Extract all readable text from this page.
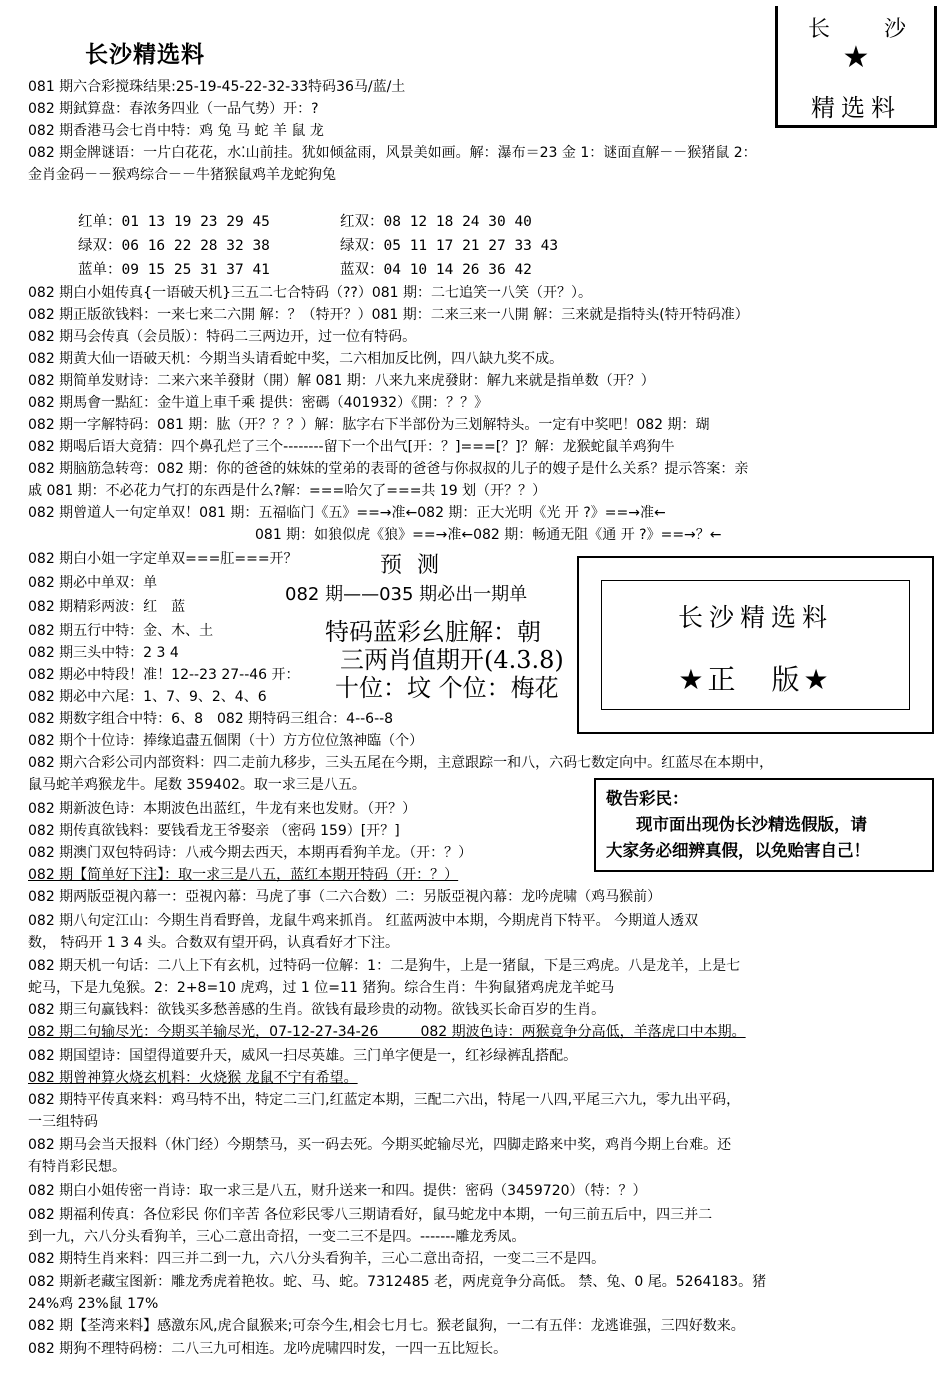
长沙精选料
长 沙
★
精选料
081 期六合彩搅珠结果:25-19-45-22-32-33特码36马/蓝/土
082 期鉽算盘：春浓务四业（一品气势）开：?
082 期香港马会七肖中特：鸡 兔 马 蛇 羊 鼠 龙
082 期金牌谜语：一片白花花，水⁚山前挂。犹如倾盆雨，风景美如画。解：瀑布＝23 金 1：谜面直解－－猴猪鼠 2：
金肖金码－－猴鸡综合－－牛猪猴鼠鸡羊龙蛇狗兔
红单：01 13 19 23 29 45	红双：08 12 18 24 30 40
绿双：06 16 22 28 32 38	绿双：05 11 17 21 27 33 43
蓝单：09 15 25 31 37 41	蓝双：04 10 14 26 36 42
082 期白小姐传真{一语破天机}三五二七合特码（??）081 期：二七追笑一八笑（开？）。
082 期正版欲钱料：一来七来二六開 解：？（特开？）081 期：二来三来一八開 解：三来就是指特头(特开特码准）
082 期马会传真（会员版）：特码二三两边开，过一位有特码。
082 期黄大仙一语破天机：今期当头请看蛇中奖，二六相加反比例，四八缺九奖不成。
082 期简单发财诗：二来六来羊發財（開）解 081 期：八来九来虎發財：解九来就是指单数（开？）
082 期馬會一點紅：金牛道上車千乘 提供：密碼（401932）《開：？？》
082 期一字解特码：081 期：肱（开？？？）解：肱字右下半部份为三划解特头。一定有中奖吧！082 期：瑚
082 期喝后语大竟猜：四个鼻孔烂了三个--------留下一个出气[开：？]===[？]？解：龙猴蛇鼠羊鸡狗牛
082 期脑筋急转弯：082 期：你的爸爸的妹妹的堂弟的表哥的爸爸与你叔叔的儿子的嫂子是什么关系？提示答案：亲
戚 081 期：不必花力气打的东西是什么?解：===哈欠了===共 19 划（开？？）
082 期曾道人一句定单双！081 期：五福临门《五》==→准←082 期：正大光明《光 开 ?》==→准←
081 期：如狼似虎《狼》==→准←082 期：畅通无阻《通 开 ?》==→？←
082 期白小姐一字定单双===肛===开？
082 期必中单双：单
082 期精彩两波：红　蓝
082 期五行中特：金、木、土
082 期三头中特：2 3 4
082 期必中特段！准！12--23 27--46 开：
082 期必中六尾：1、7、9、2、4、6
082 期数字组合中特：6、8　082 期特码三组合：4--6--8
082 期个十位诗：捧缘追盡五個閑（十）方方位位煞神臨（个）
预 测
082 期——035 期必出一期单
特码蓝彩幺脏解：朝
三两肖值期开(4.3.8)
十位：坟 个位：梅花
长沙精选料
★正　版★
082 期六合彩公司内部资料：四二走前九移步，三头五尾在今期，主意跟踪一和八，六码七数定向中。红蓝尽在本期中，
鼠马蛇羊鸡猴龙牛。尾数 359402。取一求三是八五。
082 期新波色诗：本期波色出蓝红，牛龙有来也发财。（开？）
082 期传真欲钱料：要钱看龙王爷娶亲 （密码 159）[开？]
082 期澳门双包特码诗：八戒今期去西天，本期再看狗羊龙。（开：？）
082 期【简单好下注】：取一求三是八五，蓝红本期开特码（开：？）
敬告彩民：
现市面出现伪长沙精选假版，请
大家务必细辨真假，以免贻害自己！
082 期两版亞視內幕一：亞視內幕：马虎了事（二六合数）二：另版亞視內幕：龙吟虎啸（鸡马猴前）
082 期八句定江山：今期生肖看野兽，龙鼠牛鸡来抓肖。 红蓝两波中本期，今期虎肖下特平。 今期道人透双
数， 特码开 1 3 4 头。合数双有望开码，认真看好才下注。
082 期天机一句话：二八上下有玄机，过特码一位解：1：二是狗牛，上是一猪鼠，下是三鸡虎。八是龙羊，上是七
蛇马，下是九兔猴。2：2+8=10 虎鸡，过 1 位=11 猪狗。综合生肖：牛狗鼠猪鸡虎龙羊蛇马
082 期三句赢钱料：欲钱买多愁善感的生肖。欲钱有最珍贵的动物。欲钱买长命百岁的生肖。
082 期二句输尽光：今期买羊输尽光，07-12-27-34-26　　　082 期波色诗：两猴竟争分高低，羊落虎口中本期。
082 期国望诗：国望得道要升天，威风一扫尽英雄。三门单字便是一，红衫绿裤乱搭配。
082 期曾神算火烧玄机料：火烧猴 龙鼠不宁有希望。
082 期特平传真来料：鸡马特不出，特定二三门,红蓝定本期，三配二六出，特尾一八四,平尾三六九，零九出平码，
一三组特码
082 期马会当天报料（休门经）今期禁马，买一码去死。今期买蛇输尽光，四脚走路来中奖，鸡肖今期上台难。还
有特肖彩民想。
082 期白小姐传密一肖诗：取一求三是八五，财升送来一和四。提供：密码（3459720）（特：？）
082 期福利传真：各位彩民 你们辛苦 各位彩民零八三期请看好，鼠马蛇龙中本期，一句三前五后中，四三并二
到一九，六八分头看狗羊，三心二意出奇招，一变二三不是四。-------雕龙秀凤。
082 期特生肖来料：四三并二到一九，六八分头看狗羊，三心二意出奇招，一变二三不是四。
082 期新老藏宝图新：雕龙秀虎着艳妆。蛇、马、蛇。7312485 老，两虎竟争分高低。 禁、兔、0 尾。5264183。猪
24%鸡 23%鼠 17%
082 期【荃湾来料】感激东风,虎合鼠猴来;可奈今生,相会七月七。猴老鼠狗，一二有五伴：龙逃谁强，三四好数来。
082 期狗不理特码榜：二八三九可相连。龙吟虎啸四时发，一四一五比短长。
